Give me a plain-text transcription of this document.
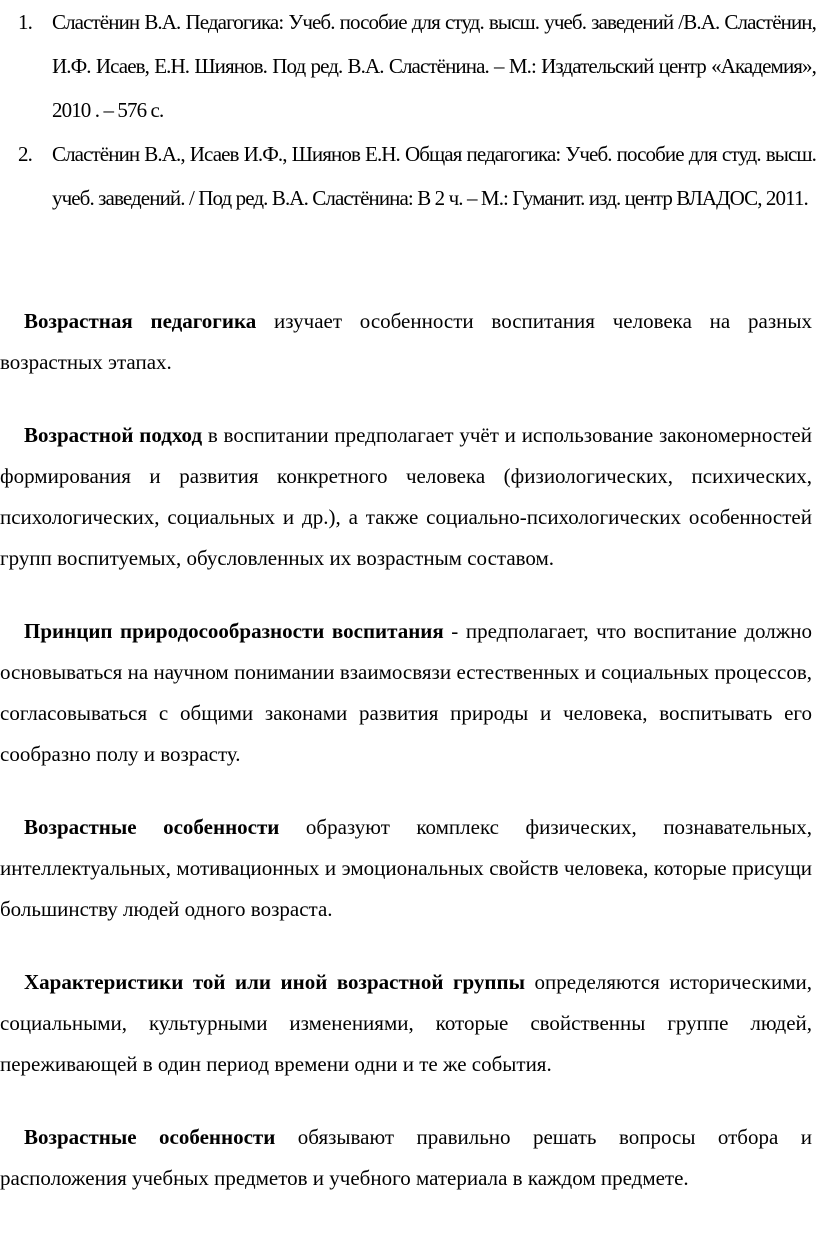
1. Сластёнин В.А. Педагогика: Учеб. пособие для студ. высш. учеб. заведений /В.А. Сластёнин, И.Ф. Исаев, Е.Н. Шиянов. Под ред. В.А. Сластёнина. – М.: Издательский центр «Академия», 2010 . – 576 с.
2. Сластёнин В.А., Исаев И.Ф., Шиянов Е.Н. Общая педагогика: Учеб. пособие для студ. высш. учеб. заведений. / Под ред. В.А. Сластёнина: В 2 ч. – М.: Гуманит. изд. центр ВЛАДОС, 2011.

Возрастная педагогика изучает особенности воспитания человека на разных возрастных этапах.

Возрастной подход в воспитании предполагает учёт и использование закономерностей формирования и развития конкретного человека (физиологических, психических, психологических, социальных и др.), а также социально-психологических особенностей групп воспитуемых, обусловленных их возрастным составом.

Принцип природосообразности воспитания - предполагает, что воспитание должно основываться на научном понимании взаимосвязи естественных и социальных процессов, согласовываться с общими законами развития природы и человека, воспитывать его сообразно полу и возрасту.

Возрастные особенности образуют комплекс физических, познавательных, интеллектуальных, мотивационных и эмоциональных свойств человека, которые присущи большинству людей одного возраста.

Характеристики той или иной возрастной группы определяются историческими, социальными, культурными изменениями, которые свойственны группе людей, переживающей в один период времени одни и те же события.

Возрастные особенности обязывают правильно решать вопросы отбора и расположения учебных предметов и учебного материала в каждом предмете.
